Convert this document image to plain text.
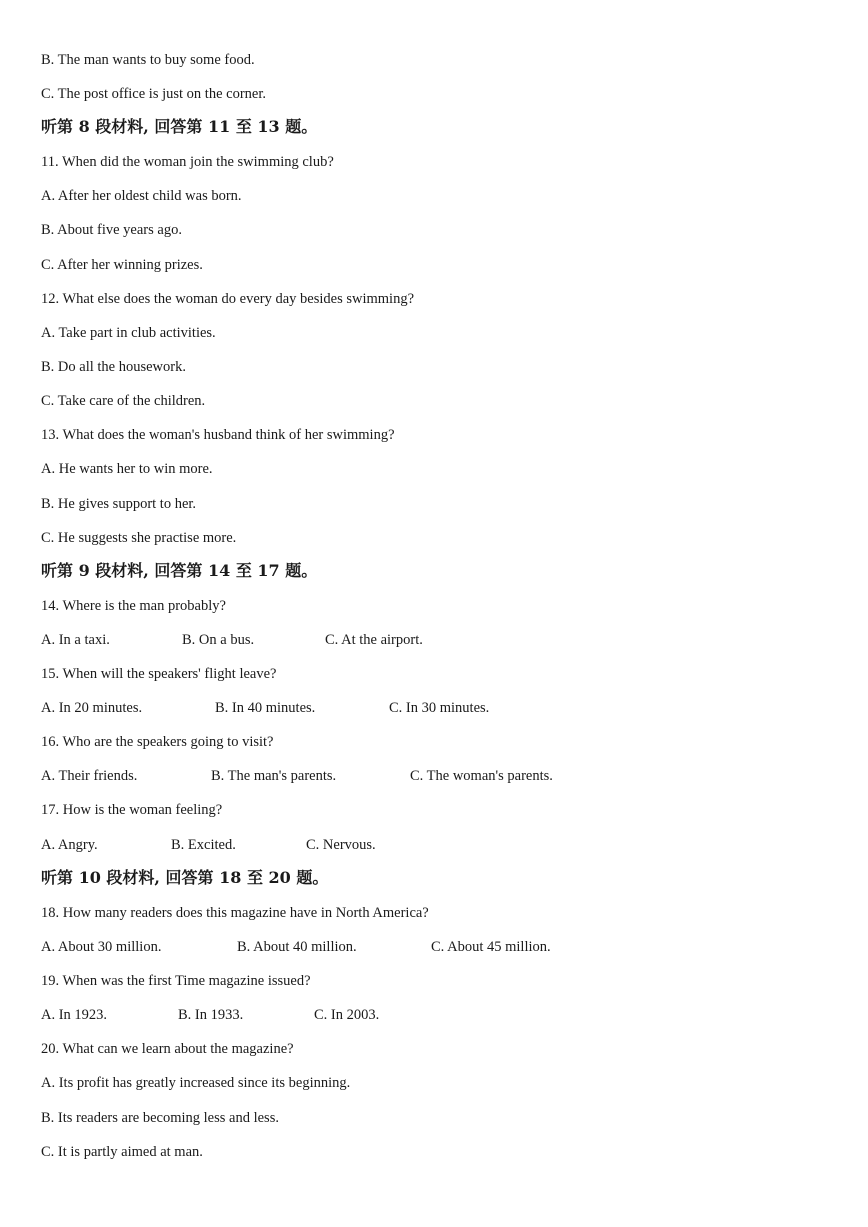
B. The man wants to buy some food.
C. The post office is just on the corner.
听第 8 段材料, 回答第 11 至 13 题。
11. When did the woman join the swimming club?
A. After her oldest child was born.
B. About five years ago.
C. After her winning prizes.
12. What else does the woman do every day besides swimming?
A. Take part in club activities.
B. Do all the housework.
C. Take care of the children.
13. What does the woman's husband think of her swimming?
A. He wants her to win more.
B. He gives support to her.
C. He suggests she practise more.
听第 9 段材料, 回答第 14 至 17 题。
14. Where is the man probably?
A. In a taxi.	B. On a bus.	C. At the airport.
15. When will the speakers' flight leave?
A. In 20 minutes.	B. In 40 minutes.	C. In 30 minutes.
16. Who are the speakers going to visit?
A. Their friends.	B. The man's parents.	C. The woman's parents.
17. How is the woman feeling?
A. Angry.	B. Excited.	C. Nervous.
听第 10 段材料, 回答第 18 至 20 题。
18. How many readers does this magazine have in North America?
A. About 30 million.	B. About 40 million.	C. About 45 million.
19. When was the first Time magazine issued?
A. In 1923.	B. In 1933.	C. In 2003.
20. What can we learn about the magazine?
A. Its profit has greatly increased since its beginning.
B. Its readers are becoming less and less.
C. It is partly aimed at man.
